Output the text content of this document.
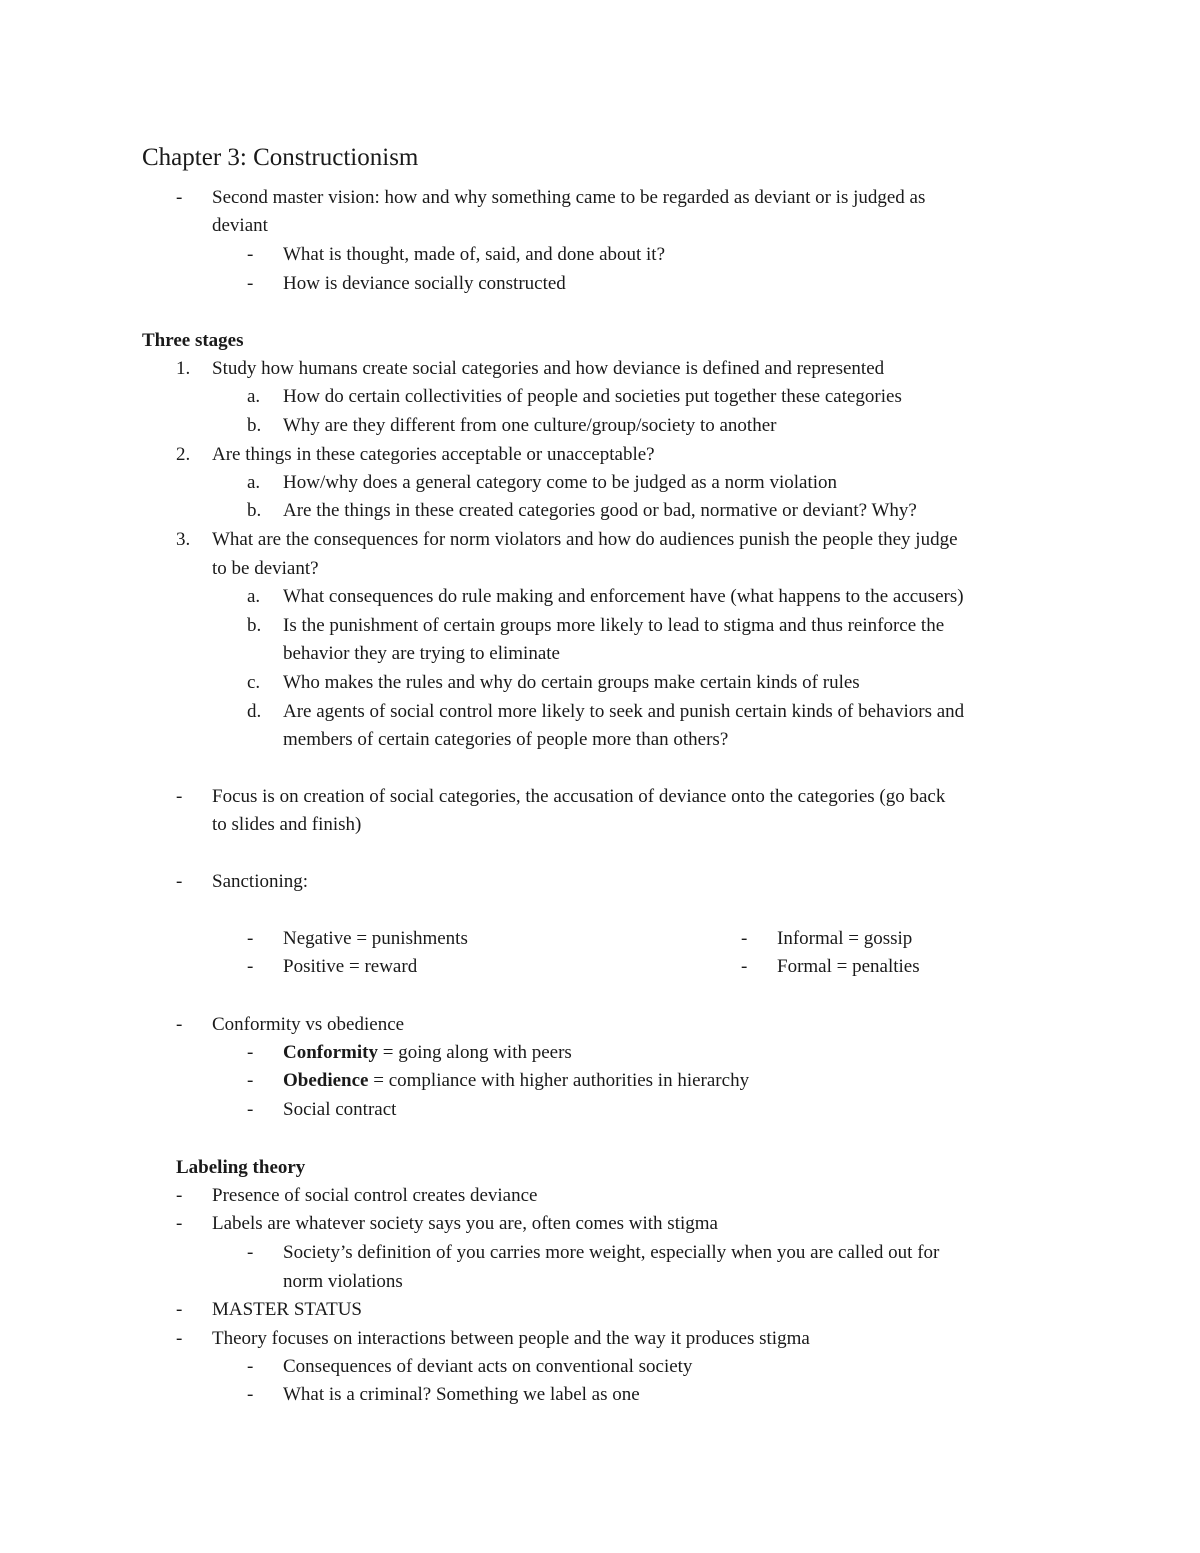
Chapter 3: Constructionism
- Second master vision: how and why something came to be regarded as deviant or is judged as
deviant
- What is thought, made of, said, and done about it?
- How is deviance socially constructed
Three stages
1. Study how humans create social categories and how deviance is defined and represented
a. How do certain collectivities of people and societies put together these categories
b. Why are they different from one culture/group/society to another
2. Are things in these categories acceptable or unacceptable?
a. How/why does a general category come to be judged as a norm violation
b. Are the things in these created categories good or bad, normative or deviant? Why?
3. What are the consequences for norm violators and how do audiences punish the people they judge
to be deviant?
a. What consequences do rule making and enforcement have (what happens to the accusers)
b. Is the punishment of certain groups more likely to lead to stigma and thus reinforce the
behavior they are trying to eliminate
c. Who makes the rules and why do certain groups make certain kinds of rules
d. Are agents of social control more likely to seek and punish certain kinds of behaviors and
members of certain categories of people more than others?
- Focus is on creation of social categories, the accusation of deviance onto the categories (go back
to slides and finish)
- Sanctioning:
- Negative = punishments
- Positive = reward
- Informal = gossip
- Formal = penalties
- Conformity vs obedience
- Conformity = going along with peers
- Obedience = compliance with higher authorities in hierarchy
- Social contract
Labeling theory
- Presence of social control creates deviance
- Labels are whatever society says you are, often comes with stigma
- Society’s definition of you carries more weight, especially when you are called out for
norm violations
- MASTER STATUS
- Theory focuses on interactions between people and the way it produces stigma
- Consequences of deviant acts on conventional society
- What is a criminal? Something we label as one
